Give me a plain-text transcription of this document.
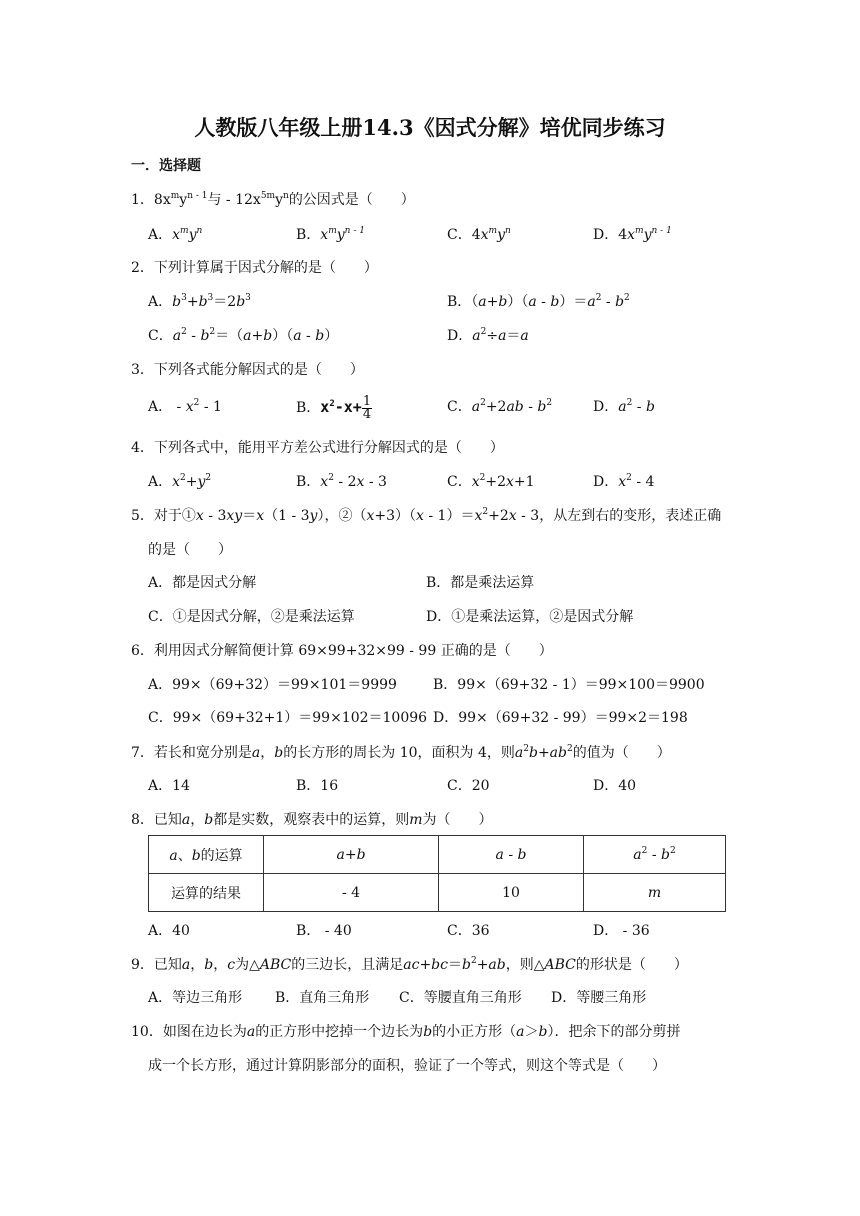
人教版八年级上册14.3《因式分解》培优同步练习
一．选择题
1．$8x^my^{n - 1}$与 - $12x^{5m}y^n$的公因式是（　　）
A．$x^my^n$	B．$x^my^{n - 1}$	C．$4x^my^n$	D．$4x^my^{n - 1}$
2．下列计算属于因式分解的是（　　）
A．$b^3+b^3=2b^3$	B．$(a+b)(a - b)=a^2 - b^2$
C．$a^2 - b^2=(a+b)(a - b)$	D．$a^2\div a=a$
3．下列各式能分解因式的是（　　）
A． - $x^2 - 1$	B．$x^2-x+ \frac{1}{4}$	C．$a^2+2ab - b^2$	D．$a^2$ - b
4．下列各式中，能用平方差公式进行分解因式的是（　　）
A．$x^2+y^2$	B．$x^2 - 2x - 3$	C．$x^2+2x+1$	D．$x^2 - 4$
5．对于①x - 3xy＝x（1 - 3y），②（x+3）（x - $1)=x^2+2x - 3$，从左到右的变形，表述正确
的是（　　）
A．都是因式分解	B．都是乘法运算
C．①是因式分解，②是乘法运算	D．①是乘法运算，②是因式分解
6．利用因式分解简便计算 69×99+32×99 - 99 正确的是（　　）
A．99×（69+32）＝99×101＝9999	B．99×（69+32 - 1）＝99×100＝9900
C．99×（69+32+1）＝99×102＝10096 D．99×（69+32 - 99）＝99×2＝198
7．若长和宽分别是a，b的长方形的周长为 10，面积为 4，则$a^2b+ab^2$的值为（　　）
A．14	B．16	C．20	D．40
8．已知a，b都是实数，观察表中的运算，则m为（　　）
a、b的运算	a+b	a - b	$a^2 - b^2$
运算的结果	- 4	10	m
A．40	B． - 40	C．36	D． - 36
9．已知a，b，c为△ABC的三边长，且满足$ac+bc=b^2+ab$，则△ABC的形状是（　　）
A．等边三角形 B．直角三角形 C．等腰直角三角形 D．等腰三角形
10．如图在边长为a的正方形中挖掉一个边长为b的小正方形（a＞b）．把余下的部分剪拼
成一个长方形，通过计算阴影部分的面积，验证了一个等式，则这个等式是（　　）
